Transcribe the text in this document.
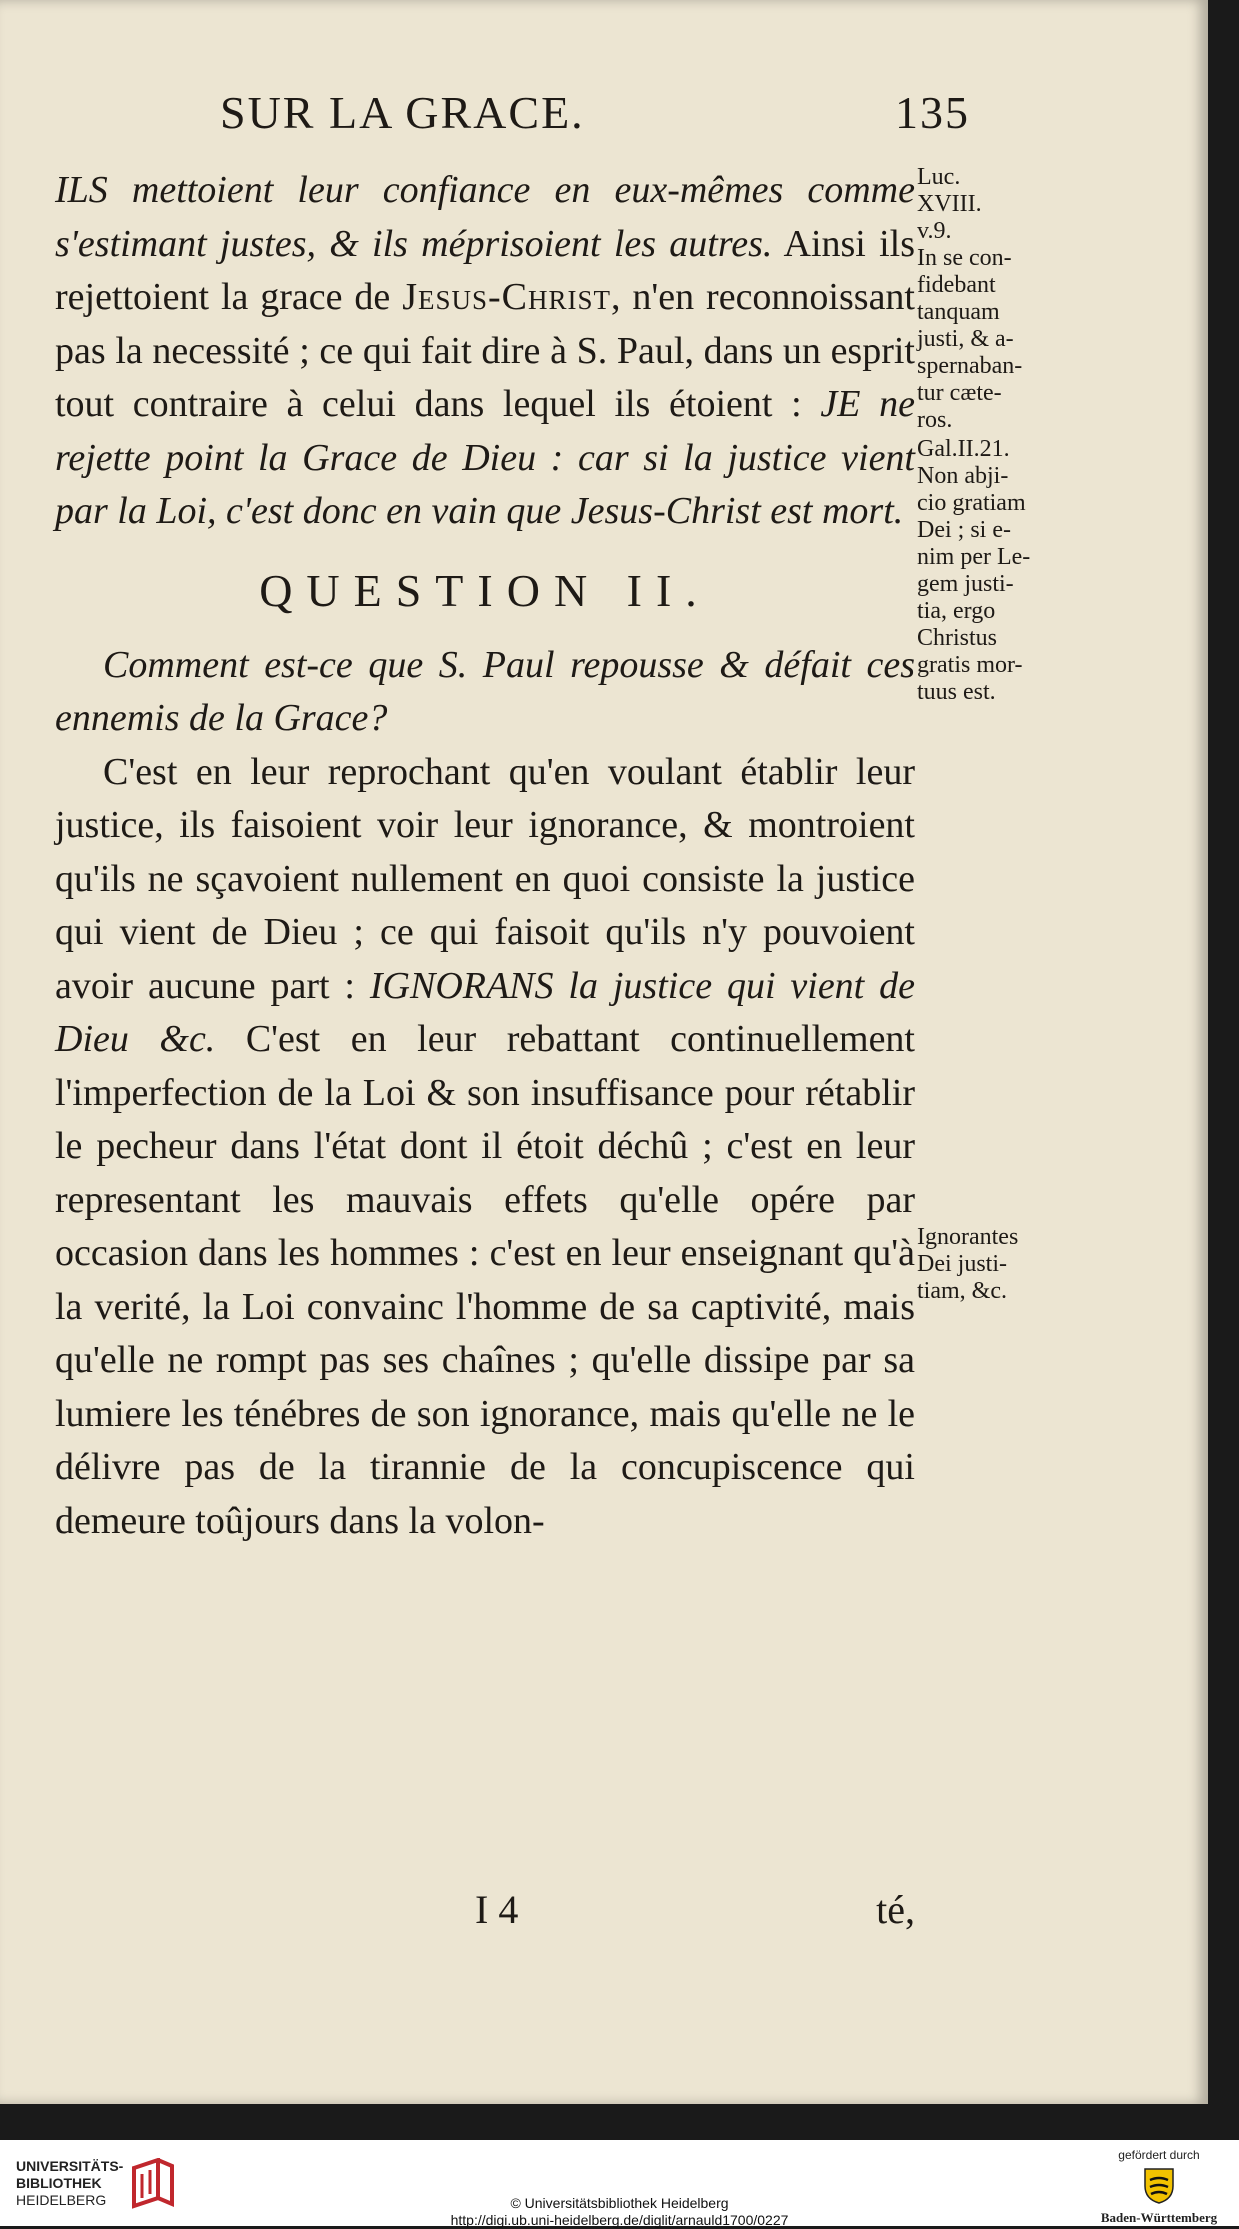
SUR LA GRACE.	135

ILS mettoient leur confiance en eux-mêmes comme s'estimant justes, & ils méprisoient les autres. Ainsi ils rejettoient la grace de Jesus-Christ, n'en reconnoissant pas la necessité ; ce qui fait dire à S. Paul, dans un esprit tout contraire à celui dans lequel ils étoient : JE ne rejette point la Grace de Dieu : car si la justice vient par la Loi, c'est donc en vain que Jesus-Christ est mort.

QUESTION II.

Comment est-ce que S. Paul repousse & défait ces ennemis de la Grace?

C'est en leur reprochant qu'en voulant établir leur justice, ils faisoient voir leur ignorance, & montroient qu'ils ne sçavoient nullement en quoi consiste la justice qui vient de Dieu ; ce qui faisoit qu'ils n'y pouvoient avoir aucune part : IGNORANS la justice qui vient de Dieu &c. C'est en leur rebattant continuellement l'imperfection de la Loi & son insuffisance pour rétablir le pecheur dans l'état dont il étoit déchû ; c'est en leur representant les mauvais effets qu'elle opére par occasion dans les hommes : c'est en leur enseignant qu'à la verité, la Loi convainc l'homme de sa captivité, mais qu'elle ne rompt pas ses chaînes ; qu'elle dissipe par sa lumiere les ténébres de son ignorance, mais qu'elle ne le délivre pas de la tirannie de la concupiscence qui demeure toûjours dans la volon-

Luc.
XVIII.
v.9.
In se con-
fidebant
tanquam
justi, & a-
spernaban-
tur cæte-
ros.
Gal.II.21.
Non abji-
cio gratiam
Dei ; si e-
nim per Le-
gem justi-
tia, ergo
Christus
gratis mor-
tuus est.
Ignorantes
Dei justi-
tiam, &c.
I 4	té,
UNIVERSITÄTS-
BIBLIOTHEK
HEIDELBERG	© Universitätsbibliothek Heidelberg
http://digi.ub.uni-heidelberg.de/diglit/arnauld1700/0227
gefördert durch
Baden-Württemberg
